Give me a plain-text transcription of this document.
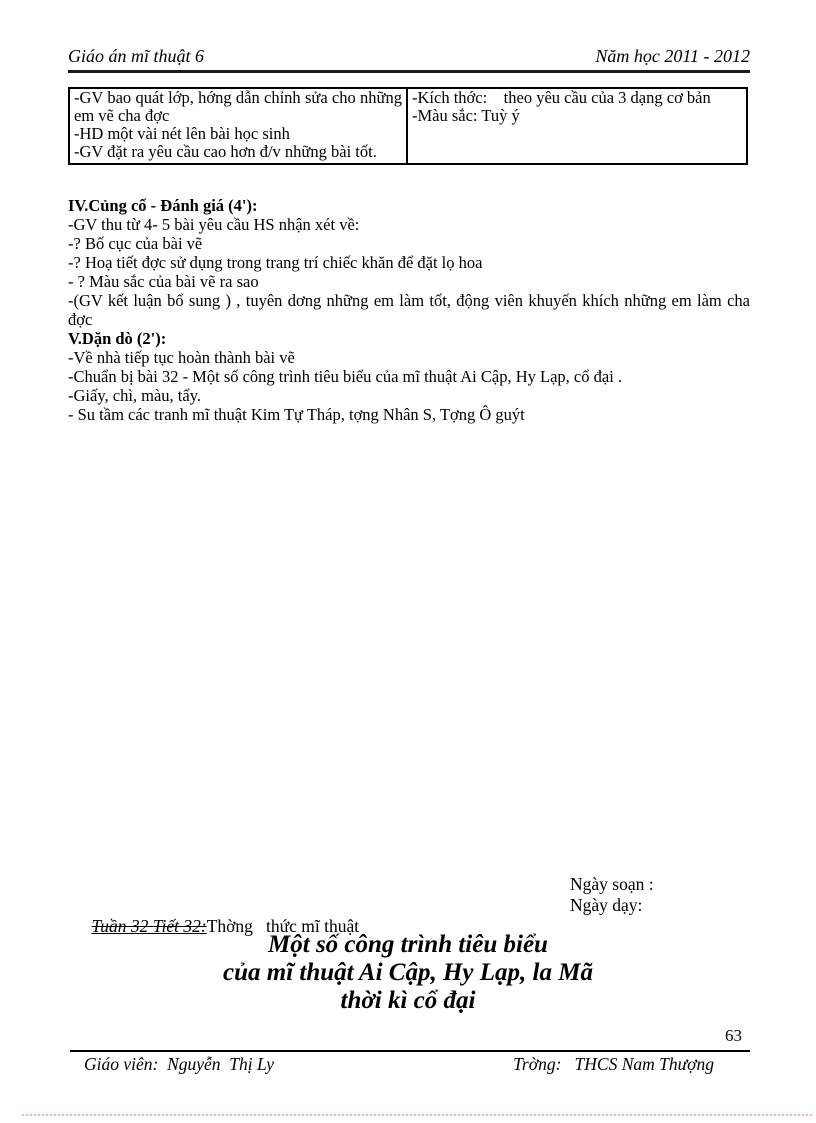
Giáo án mĩ thuật 6	Năm học 2011 - 2012

-GV bao quát lớp, hớng dẫn chỉnh sửa cho những em vẽ cha đợc

-HD một vài nét lên bài học sinh

-GV đặt ra yêu cầu cao hơn đ/v những bài tốt.

-Kích thớc:    theo yêu cầu của 3 dạng cơ bản

-Màu sắc: Tuỳ ý

IV.Củng cố - Đánh giá (4'):

-GV thu từ 4- 5 bài yêu cầu HS nhận xét về:

-? Bố cục của bài vẽ

-? Hoạ tiết đợc sử dụng trong trang trí chiếc khăn để đặt lọ hoa

- ? Màu sắc của bài vẽ ra sao

-(GV kết luận bổ sung ) , tuyên dơng những em làm tốt, động viên khuyến khích những em làm cha đợc

V.Dặn dò (2'):

-Về nhà tiếp tục hoàn thành bài vẽ

-Chuẩn bị bài 32 - Một số công trình tiêu biểu của mĩ thuật Ai Cập, Hy Lạp, cổ đại .

-Giấy, chì, màu, tẩy.

- Su tầm các tranh mĩ thuật Kim Tự Tháp, tợng Nhân S, Tợng Ô guýt

Tuần 32 Tiết 32:Thờng   thức mĩ thuật

Ngày soạn :
Ngày dạy:
Một số công trình tiêu biểu
của mĩ thuật Ai Cập, Hy Lạp, la Mã
thời kì cổ đại
63
Giáo viên:  Nguyễn  Thị Ly	Trờng:   THCS Nam Thượng
